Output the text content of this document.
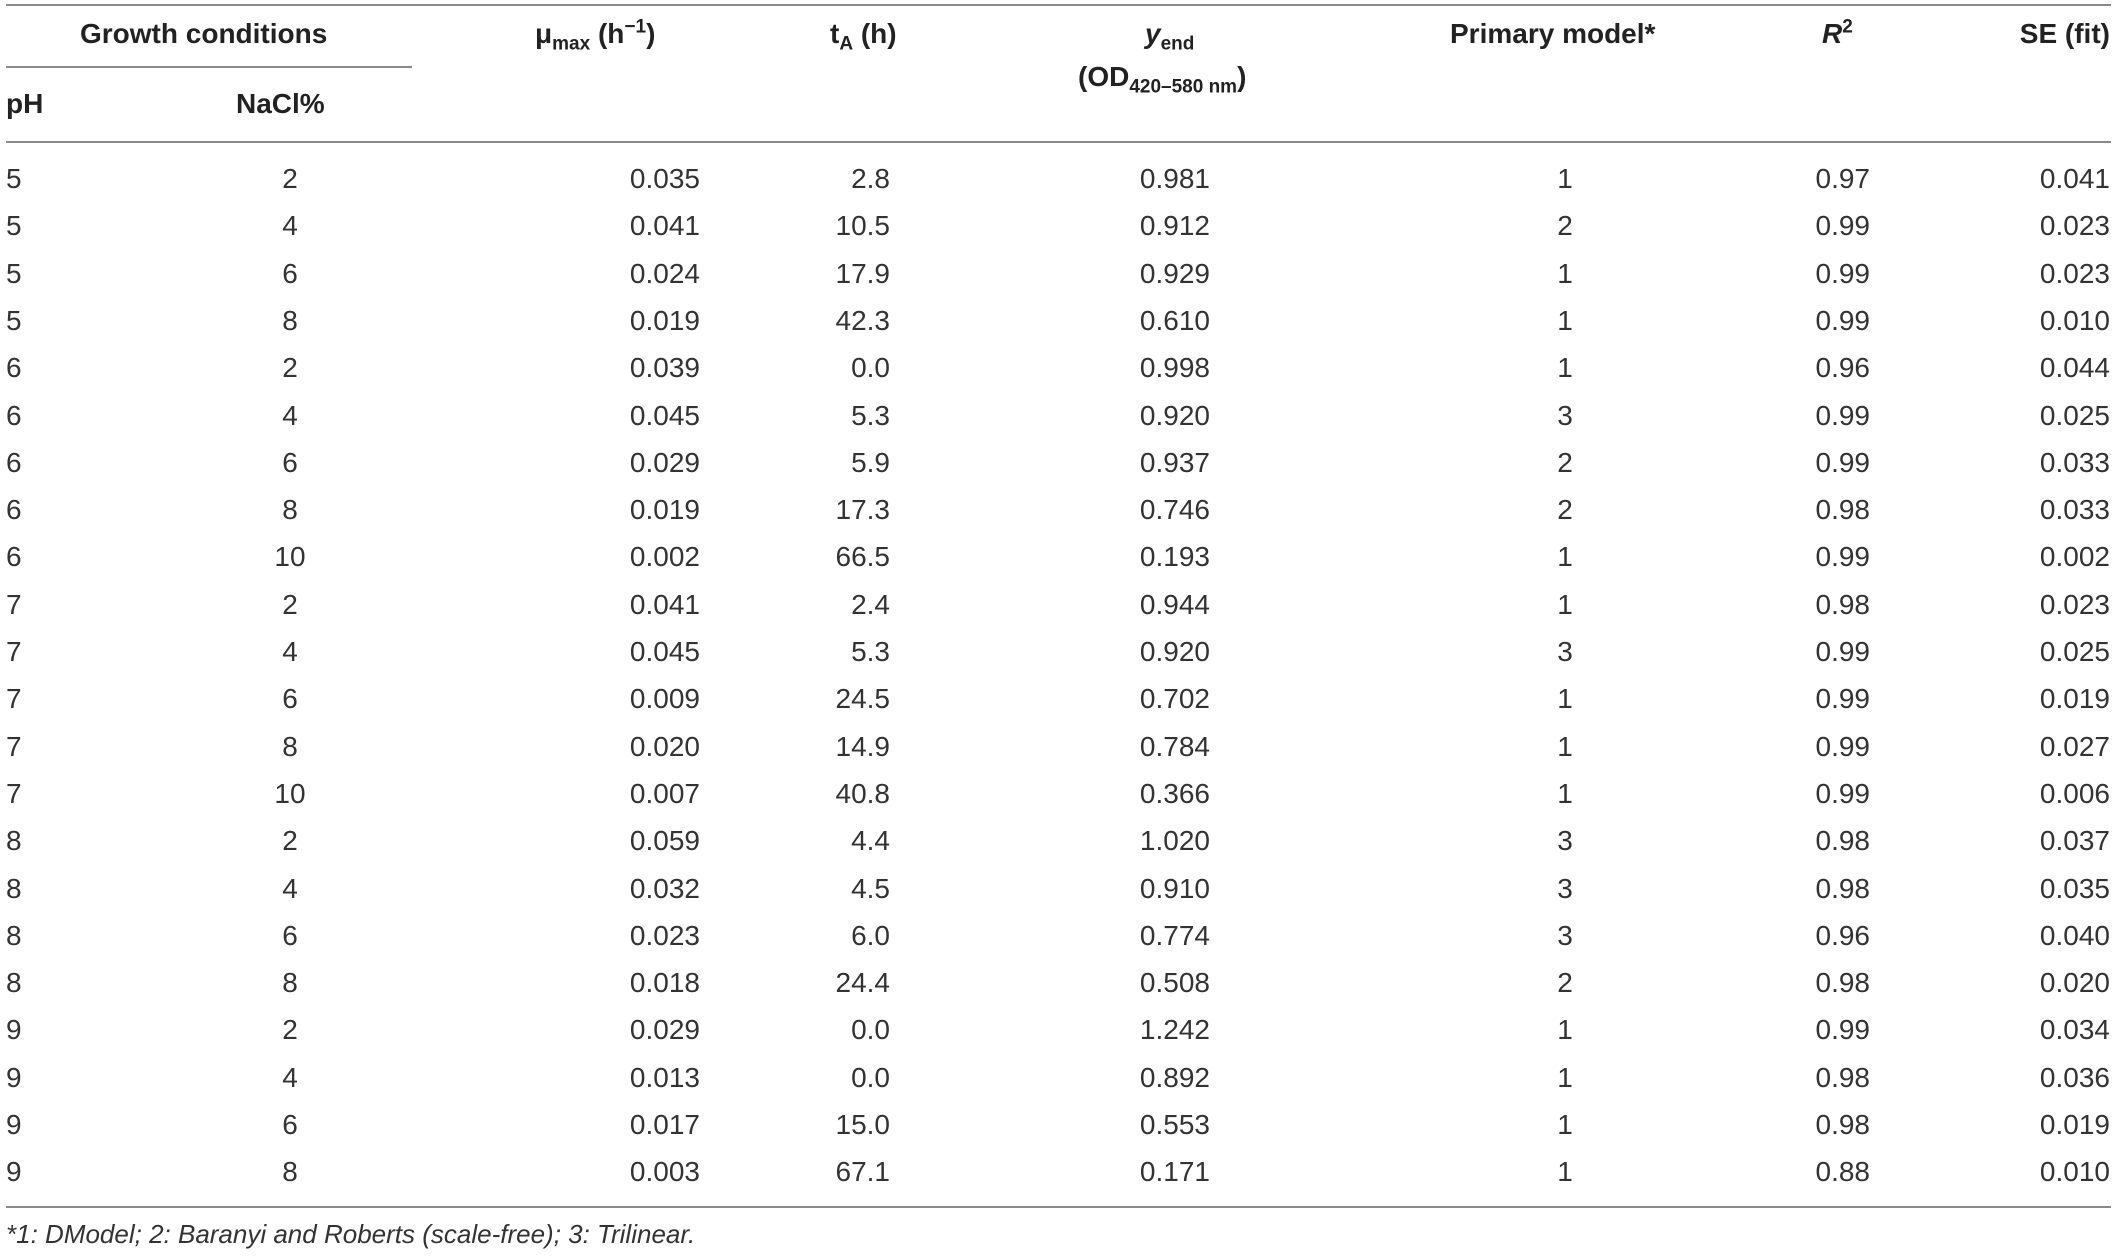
Growth conditions
pH	NaCl%
$\mu_{max}$ $(h^{-1})$	$t_A$ (h)	$y_{end}$
$(OD_{420-580 nm})$
Primary model*	$R^2$	SE (fit)
5	2	0.035	2.8	0.981	1	0.97	0.041
5	4	0.041	10.5	0.912	2	0.99	0.023
5	6	0.024	17.9	0.929	1	0.99	0.023
5	8	0.019	42.3	0.610	1	0.99	0.010
6	2	0.039	0.0	0.998	1	0.96	0.044
6	4	0.045	5.3	0.920	3	0.99	0.025
6	6	0.029	5.9	0.937	2	0.99	0.033
6	8	0.019	17.3	0.746	2	0.98	0.033
6	10	0.002	66.5	0.193	1	0.99	0.002
7	2	0.041	2.4	0.944	1	0.98	0.023
7	4	0.045	5.3	0.920	3	0.99	0.025
7	6	0.009	24.5	0.702	1	0.99	0.019
7	8	0.020	14.9	0.784	1	0.99	0.027
7	10	0.007	40.8	0.366	1	0.99	0.006
8	2	0.059	4.4	1.020	3	0.98	0.037
8	4	0.032	4.5	0.910	3	0.98	0.035
8	6	0.023	6.0	0.774	3	0.96	0.040
8	8	0.018	24.4	0.508	2	0.98	0.020
9	2	0.029	0.0	1.242	1	0.99	0.034
9	4	0.013	0.0	0.892	1	0.98	0.036
9	6	0.017	15.0	0.553	1	0.98	0.019
9	8	0.003	67.1	0.171	1	0.88	0.010
*1: DModel; 2: Baranyi and Roberts (scale-free); 3: Trilinear.
